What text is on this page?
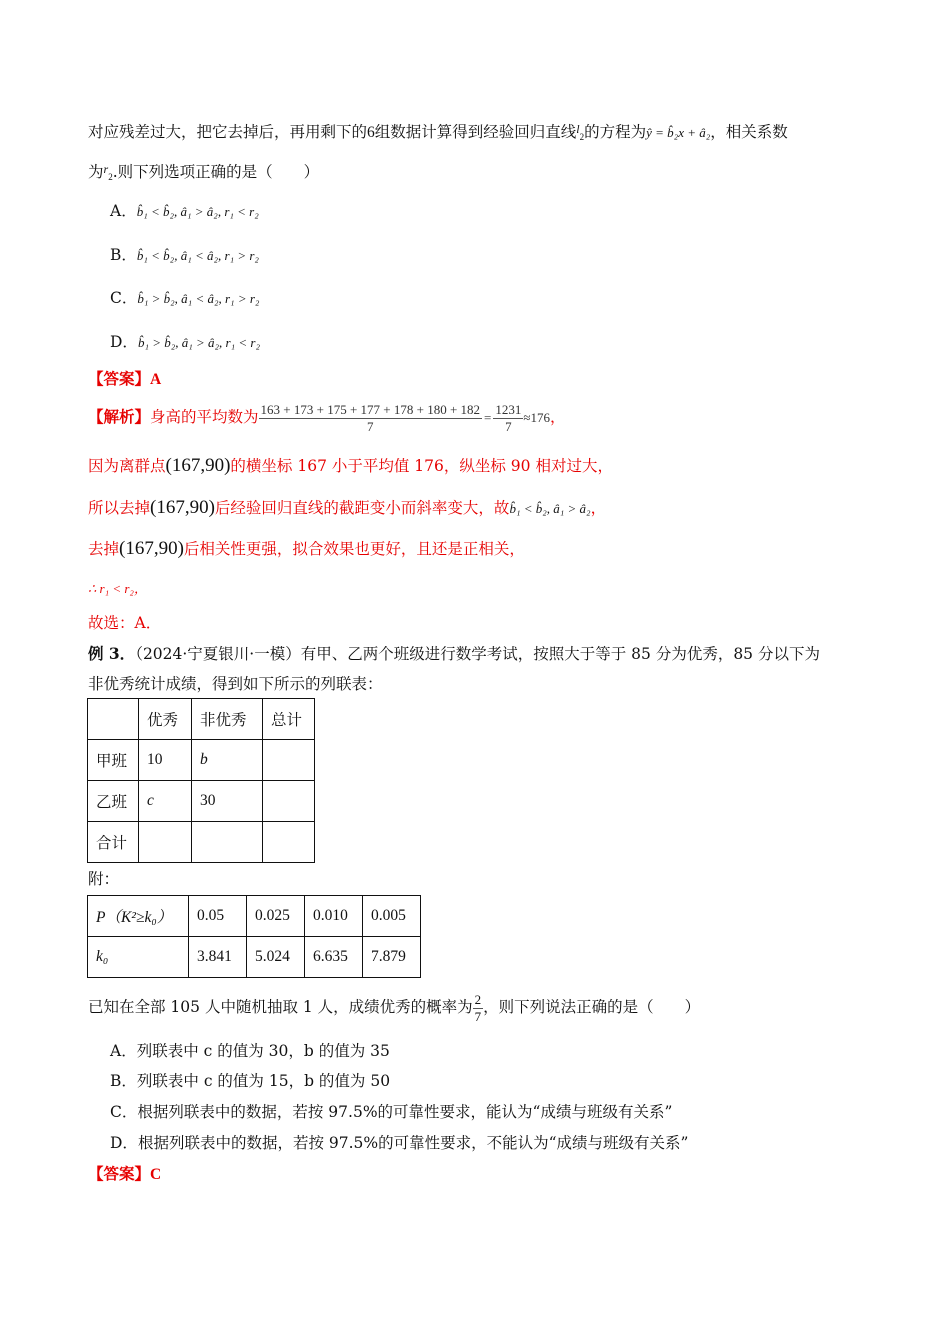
对应残差过大，把它去掉后，再用剩下的6组数据计算得到经验回归直线$^l_2$的方程为ŷ = b̂₂x + â₂，相关系数
为$^r_2$.则下列选项正确的是（　　）
A．b̂₁ < b̂₂, â₁ > â₂, r₁ < r₂
B．b̂₁ < b̂₂, â₁ < â₂, r₁ > r₂
C．b̂₁ > b̂₂, â₁ < â₂, r₁ > r₂
D．b̂₁ > b̂₂, â₁ > â₂, r₁ < r₂
【答案】A
【解析】身高的平均数为 $\frac{163 + 173 + 175 + 177 + 178 + 180 + 182}{7} = \frac{1231}{7} \approx 176$，
因为离群点(167,90)的横坐标 167 小于平均值 176，纵坐标 90 相对过大，
所以去掉(167,90)后经验回归直线的截距变小而斜率变大，故b̂₁ < b̂₂, â₁ > â₂，
去掉(167,90)后相关性更强，拟合效果也更好，且还是正相关，
∴ r₁ < r₂，
故选：A．
例 3．（2024·宁夏银川·一模）有甲、乙两个班级进行数学考试，按照大于等于 85 分为优秀，85 分以下为
非优秀统计成绩，得到如下所示的列联表：
	优秀	非优秀	总计
甲班	10	b	
乙班	c	30	
合计			
附：
P（K²≥k₀）	0.05	0.025	0.010	0.005
k₀	3.841	5.024	6.635	7.879
已知在全部 105 人中随机抽取 1 人，成绩优秀的概率为 $\frac{2}{7}$ ，则下列说法正确的是（　　）
A．列联表中 c 的值为 30，b 的值为 35
B．列联表中 c 的值为 15，b 的值为 50
C．根据列联表中的数据，若按 97.5%的可靠性要求，能认为“成绩与班级有关系”
D．根据列联表中的数据，若按 97.5%的可靠性要求，不能认为“成绩与班级有关系”
【答案】C
